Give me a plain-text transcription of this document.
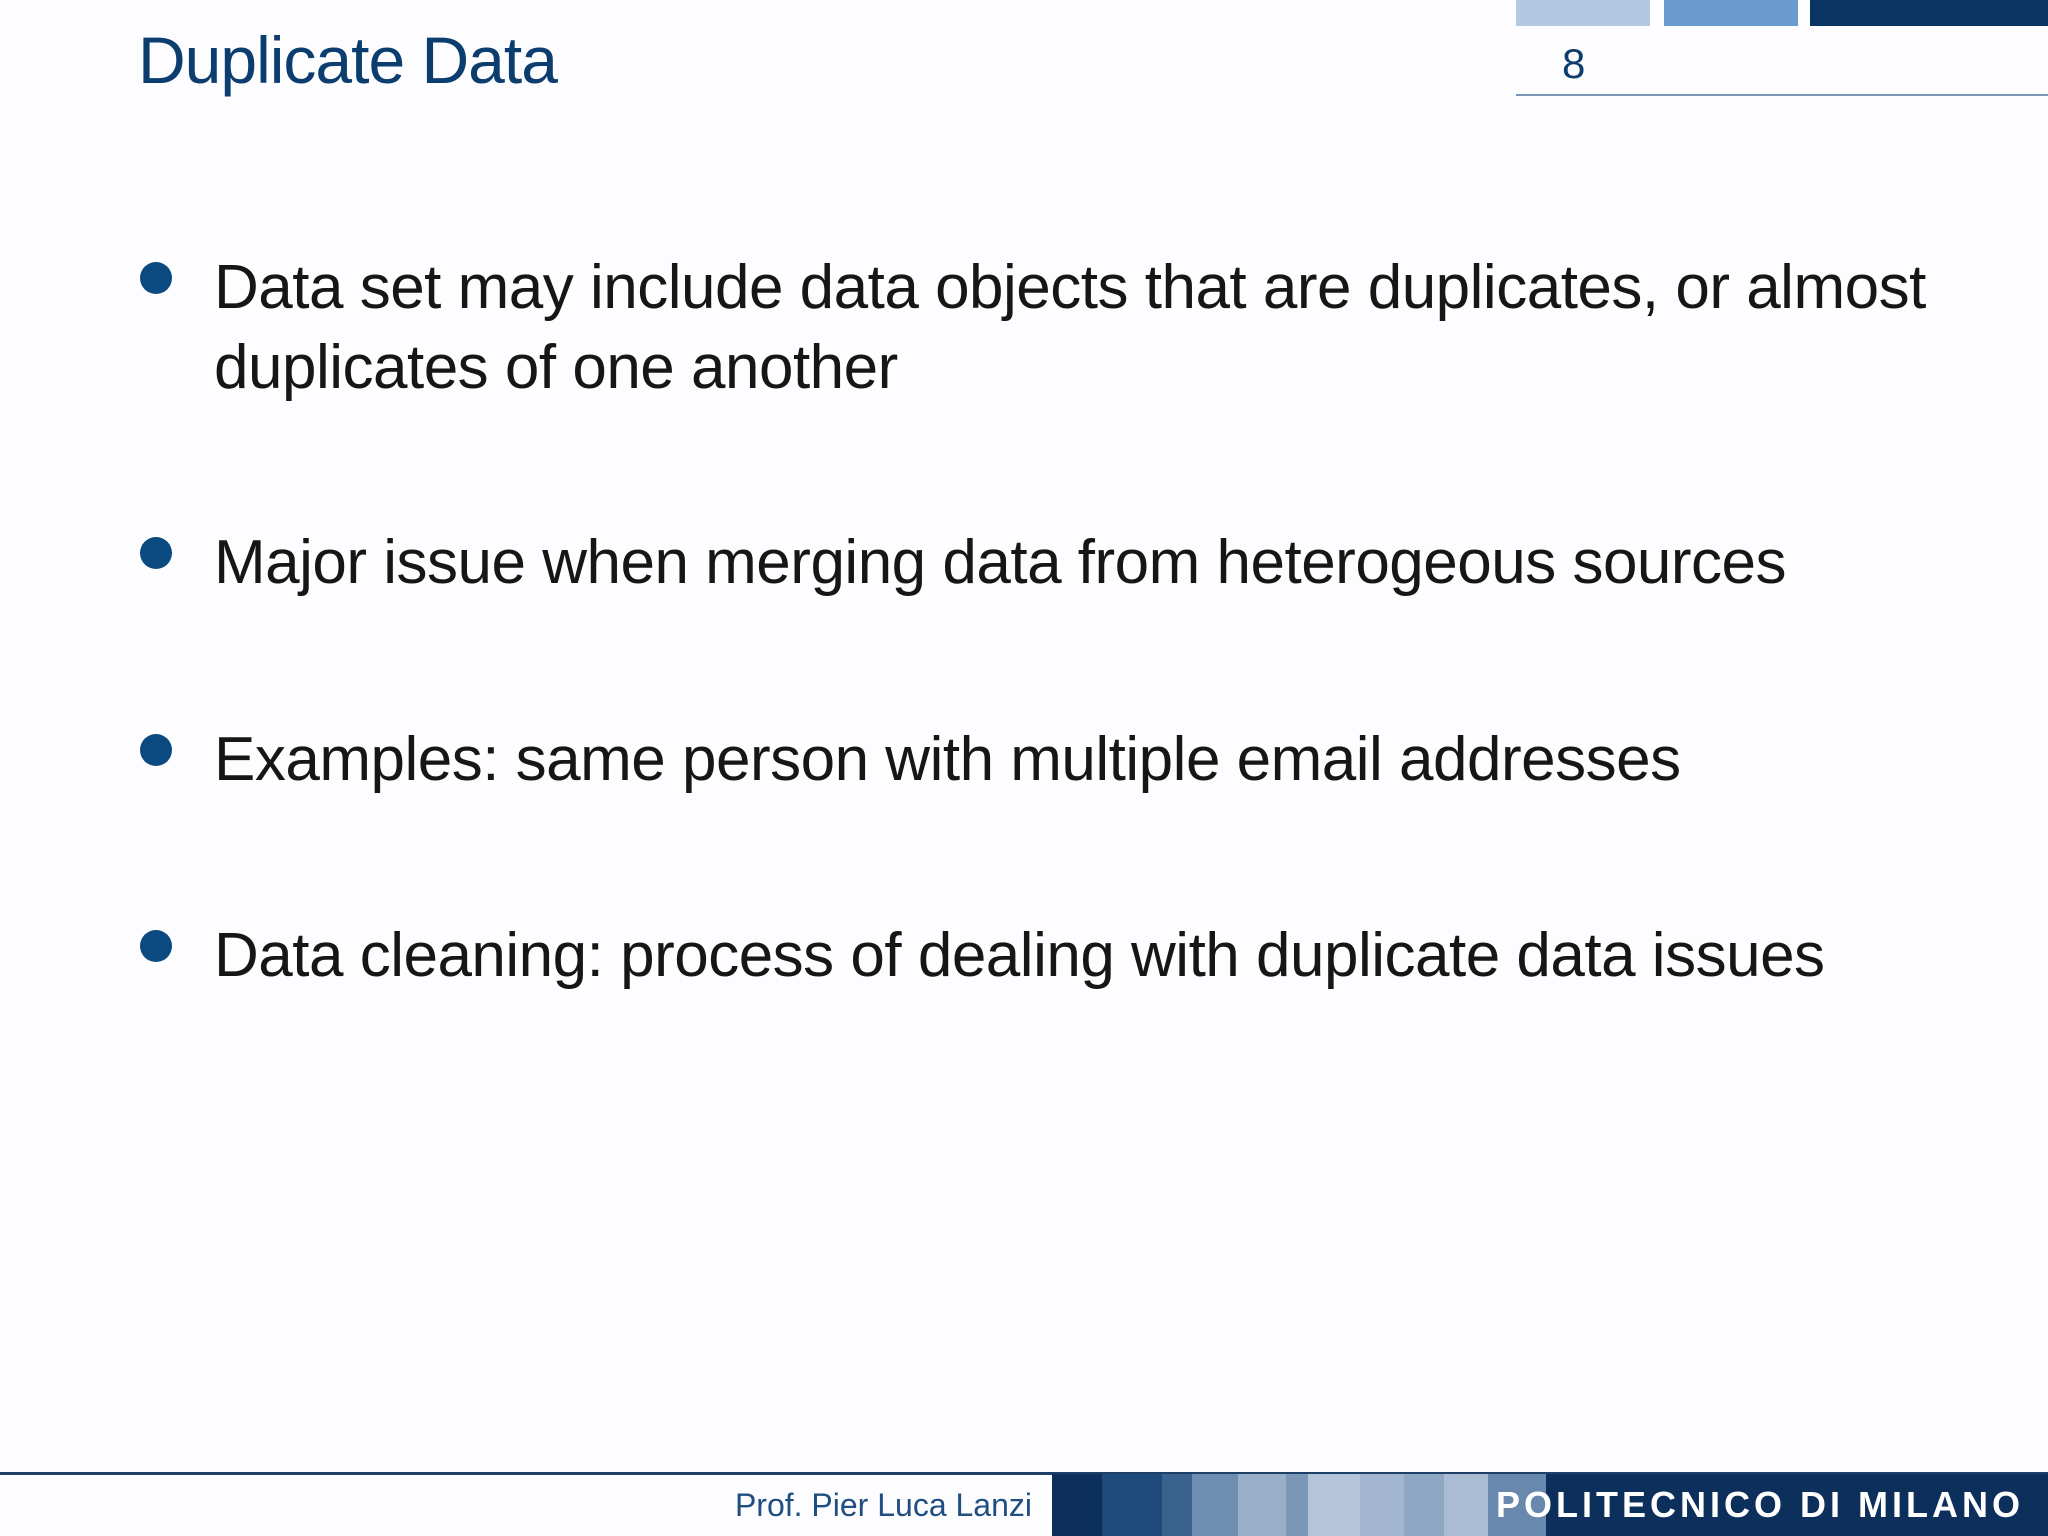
Duplicate Data	8
Data set may include data objects that are duplicates, or almost duplicates of one another
Major issue when merging data from heterogeous sources
Examples: same person with multiple email addresses
Data cleaning: process of dealing with duplicate data issues
Prof. Pier Luca Lanzi	POLITECNICO DI MILANO
